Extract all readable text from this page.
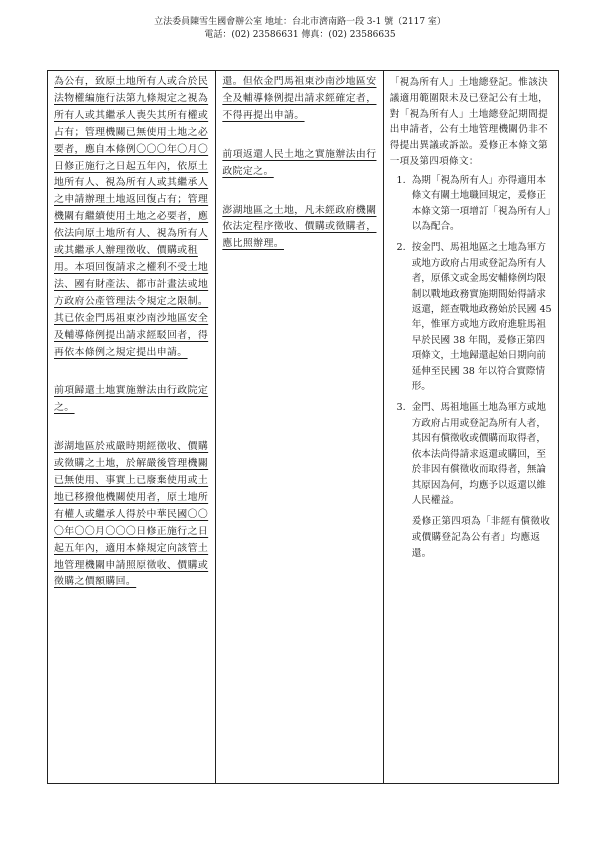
立法委員陳雪生國會辦公室 地址：台北市濟南路一段 3-1 號（2117 室）
電話：(02) 23586631 傳真：(02) 23586635

為公有，致原土地所有人或合於民法物權編施行法第九條規定之視為所有人或其繼承人喪失其所有權或占有；管理機關已無使用土地之必要者，應自本條例〇〇〇年〇月〇日修正施行之日起五年內，依原土地所有人、視為所有人或其繼承人之申請辦理土地返回復占有；管理機關有繼續使用土地之必要者，應依法向原土地所有人、視為所有人或其繼承人辦理徵收、價購或租用。本項回復請求之權利不受土地法、國有財產法、都市計畫法或地方政府公產管理法令規定之限制。其已依金門馬祖東沙南沙地區安全及輔導條例提出請求經駁回者，得再依本條例之規定提出申請。

前項歸還土地實施辦法由行政院定之。

澎湖地區於戒嚴時期經徵收、價購或徵購之土地，於解嚴後管理機關已無使用、事實上已廢棄使用或土地已移撥他機關使用者，原土地所有權人或繼承人得於中華民國〇〇〇年〇〇月〇〇〇日修正施行之日起五年內，適用本條規定向該管土地管理機關申請照原徵收、價購或徵購之價額購回。

還。但依金門馬祖東沙南沙地區安全及輔導條例提出請求經確定者，不得再提出申請。

前項返還人民土地之實施辦法由行政院定之。

澎湖地區之土地，凡未經政府機關依法定程序徵收、價購或徵購者，應比照辦理。

「視為所有人」土地總登記。惟該決議適用範圍限未及已登記公有土地，對「視為所有人」土地總登記期間提出申請者，公有土地管理機關仍非不得提出異議或訴訟。爰修正本條文第一項及第四項條文：

1. 為期「視為所有人」亦得適用本條文有關土地職回規定，爰修正本條文第一項增訂「視為所有人」以為配合。
2. 按金門、馬祖地區之土地為軍方或地方政府占用或登記為所有人者，原係文或金馬安輔條例均限制以戰地政務實施期間始得請求返還，經查戰地政務始於民國 45 年，惟軍方或地方政府進駐馬祖早於民國 38 年間，爰修正第四項條文，土地歸還起始日期向前延伸至民國 38 年以符合實際情形。
3. 金門、馬祖地區土地為軍方或地方政府占用或登記為所有人者，其因有償徵收或價購而取得者，依本法尚得請求返還或購回，至於非因有償徵收而取得者，無論其原因為何，均應予以返還以維人民權益。

爰修正第四項為「非經有償徵收或價購登記為公有者」均應返還。
